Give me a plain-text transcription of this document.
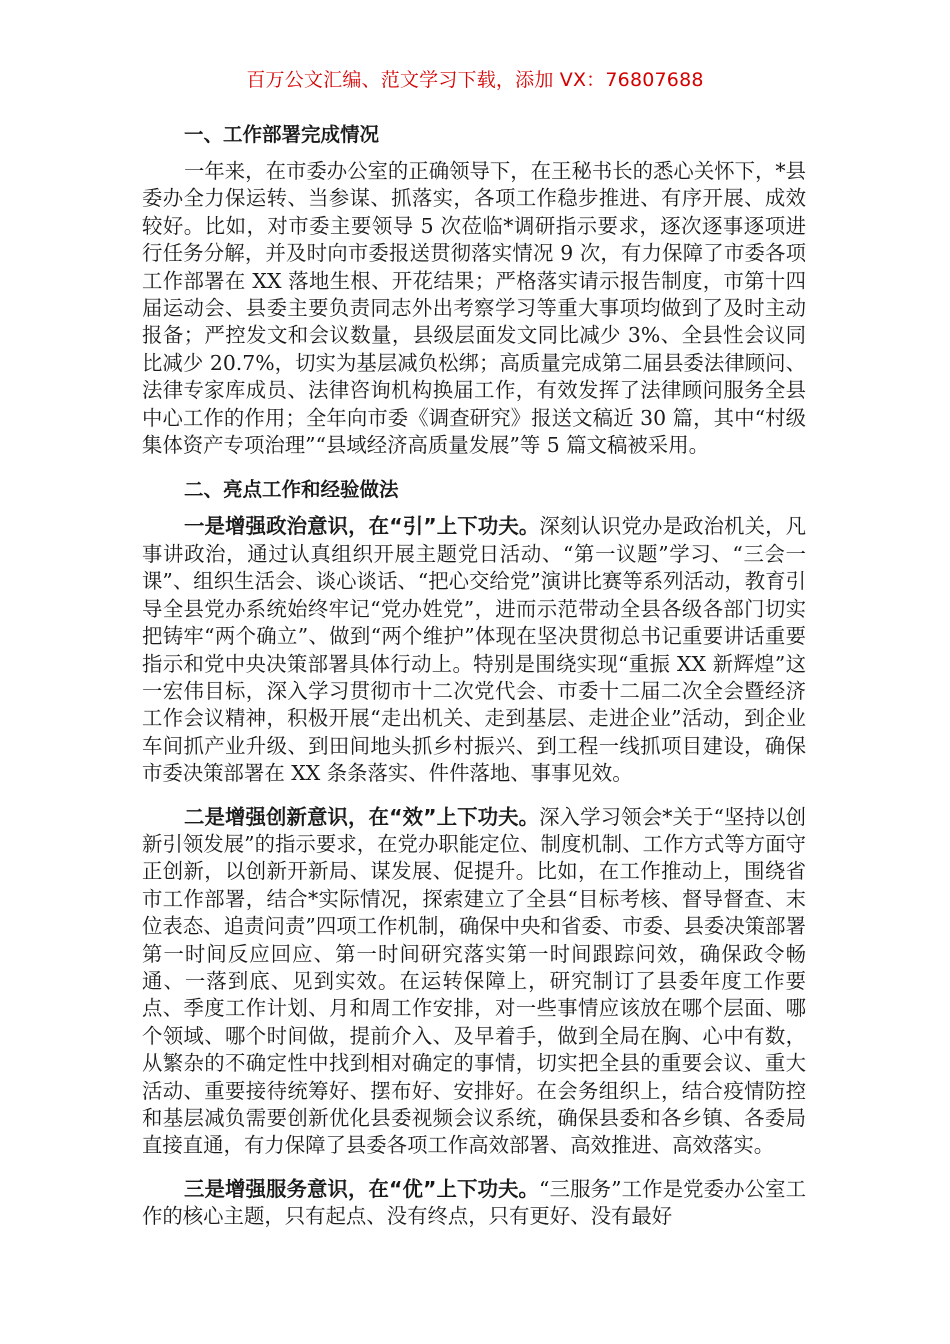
百万公文汇编、范文学习下载，添加 VX：76807688
一、工作部署完成情况

一年来，在市委办公室的正确领导下，在王秘书长的悉心关怀下，*县委办全力保运转、当参谋、抓落实，各项工作稳步推进、有序开展、成效较好。比如，对市委主要领导 5 次莅临*调研指示要求，逐次逐事逐项进行任务分解，并及时向市委报送贯彻落实情况 9 次，有力保障了市委各项工作部署在 XX 落地生根、开花结果；严格落实请示报告制度，市第十四届运动会、县委主要负责同志外出考察学习等重大事项均做到了及时主动报备；严控发文和会议数量，县级层面发文同比减少 3%、全县性会议同比减少 20.7%，切实为基层减负松绑；高质量完成第二届县委法律顾问、法律专家库成员、法律咨询机构换届工作，有效发挥了法律顾问服务全县中心工作的作用；全年向市委《调查研究》报送文稿近 30 篇，其中“村级集体资产专项治理”“县域经济高质量发展”等 5 篇文稿被采用。

二、亮点工作和经验做法

一是增强政治意识，在“引”上下功夫。深刻认识党办是政治机关，凡事讲政治，通过认真组织开展主题党日活动、“第一议题”学习、“三会一课”、组织生活会、谈心谈话、“把心交给党”演讲比赛等系列活动，教育引导全县党办系统始终牢记“党办姓党”，进而示范带动全县各级各部门切实把铸牢“两个确立”、做到“两个维护”体现在坚决贯彻总书记重要讲话重要指示和党中央决策部署具体行动上。特别是围绕实现“重振 XX 新辉煌”这一宏伟目标，深入学习贯彻市十二次党代会、市委十二届二次全会暨经济工作会议精神，积极开展“走出机关、走到基层、走进企业”活动，到企业车间抓产业升级、到田间地头抓乡村振兴、到工程一线抓项目建设，确保市委决策部署在 XX 条条落实、件件落地、事事见效。

二是增强创新意识，在“效”上下功夫。深入学习领会*关于“坚持以创新引领发展”的指示要求，在党办职能定位、制度机制、工作方式等方面守正创新，以创新开新局、谋发展、促提升。比如，在工作推动上，围绕省市工作部署，结合*实际情况，探索建立了全县“目标考核、督导督查、末位表态、追责问责”四项工作机制，确保中央和省委、市委、县委决策部署第一时间反应回应、第一时间研究落实第一时间跟踪问效，确保政令畅通、一落到底、见到实效。在运转保障上，研究制订了县委年度工作要点、季度工作计划、月和周工作安排，对一些事情应该放在哪个层面、哪个领域、哪个时间做，提前介入、及早着手，做到全局在胸、心中有数，从繁杂的不确定性中找到相对确定的事情，切实把全县的重要会议、重大活动、重要接待统筹好、摆布好、安排好。在会务组织上，结合疫情防控和基层减负需要创新优化县委视频会议系统，确保县委和各乡镇、各委局直接直通，有力保障了县委各项工作高效部署、高效推进、高效落实。

三是增强服务意识，在“优”上下功夫。“三服务”工作是党委办公室工作的核心主题，只有起点、没有终点，只有更好、没有最好
